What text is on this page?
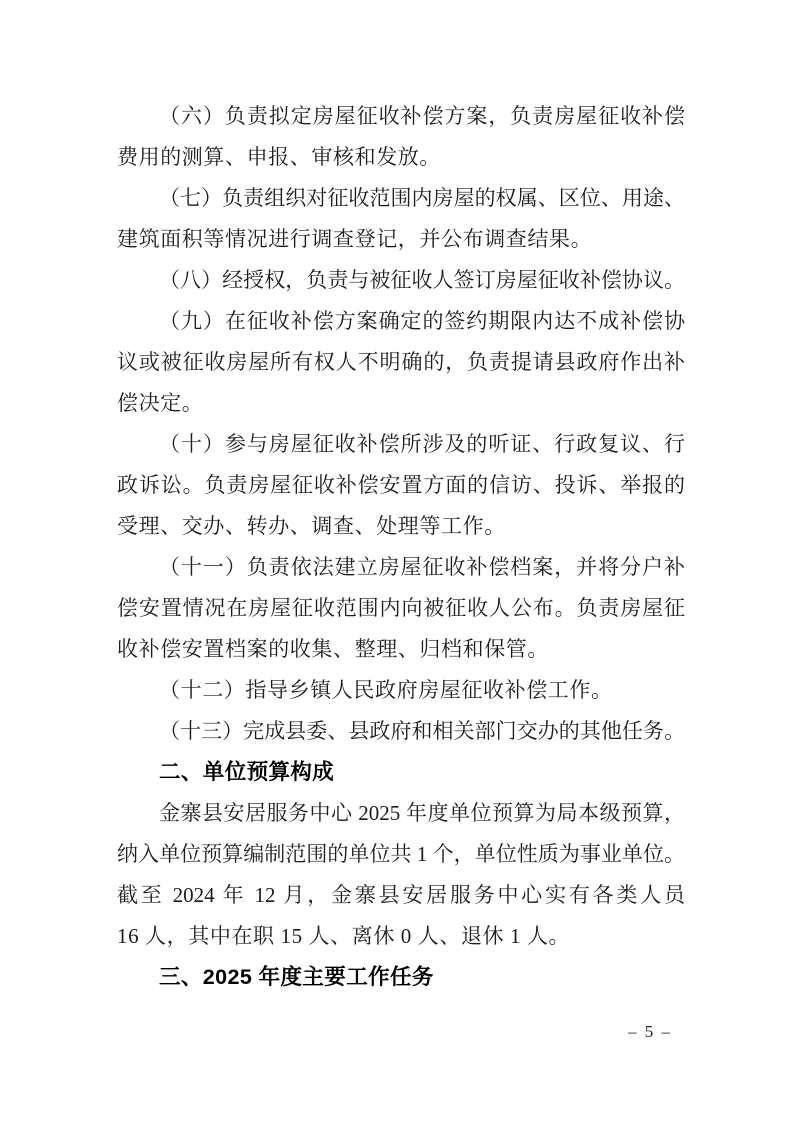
（六）负责拟定房屋征收补偿方案，负责房屋征收补偿
费用的测算、申报、审核和发放。
（七）负责组织对征收范围内房屋的权属、区位、用途、
建筑面积等情况进行调查登记，并公布调查结果。
（八）经授权，负责与被征收人签订房屋征收补偿协议。
（九）在征收补偿方案确定的签约期限内达不成补偿协
议或被征收房屋所有权人不明确的，负责提请县政府作出补
偿决定。
（十）参与房屋征收补偿所涉及的听证、行政复议、行
政诉讼。负责房屋征收补偿安置方面的信访、投诉、举报的
受理、交办、转办、调查、处理等工作。
（十一）负责依法建立房屋征收补偿档案，并将分户补
偿安置情况在房屋征收范围内向被征收人公布。负责房屋征
收补偿安置档案的收集、整理、归档和保管。
（十二）指导乡镇人民政府房屋征收补偿工作。
（十三）完成县委、县政府和相关部门交办的其他任务。
二、单位预算构成
金寨县安居服务中心 2025 年度单位预算为局本级预算，
纳入单位预算编制范围的单位共 1 个，单位性质为事业单位。
截至 2024 年 12 月，金寨县安居服务中心实有各类人员
16 人，其中在职 15 人、离休 0 人、退休 1 人。
三、2025 年度主要工作任务
– 5 –
